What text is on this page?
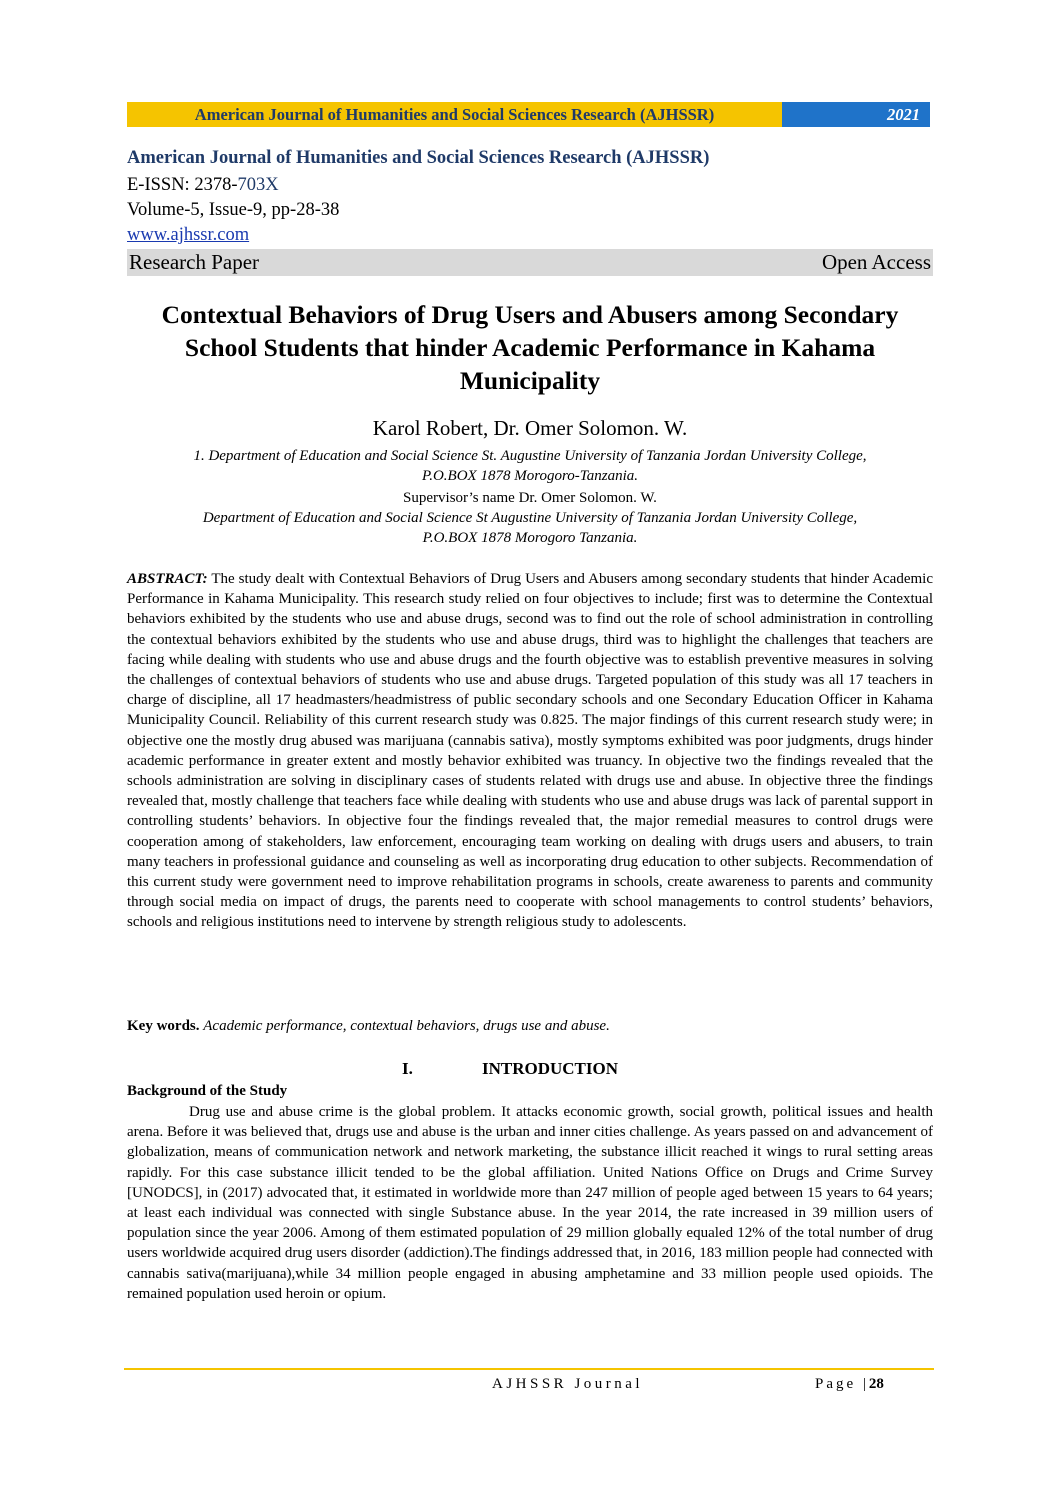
American Journal of Humanities and Social Sciences Research (AJHSSR)	2021
American Journal of Humanities and Social Sciences Research (AJHSSR)
E-ISSN: 2378-703X
Volume-5, Issue-9, pp-28-38
www.ajhssr.com
Research Paper	Open Access
Contextual Behaviors of Drug Users and Abusers among Secondary School Students that hinder Academic Performance in Kahama Municipality
Karol Robert, Dr. Omer Solomon. W.
1. Department of Education and Social Science St. Augustine University of Tanzania Jordan University College,
P.O.BOX 1878 Morogoro-Tanzania.
Supervisor’s name Dr. Omer Solomon. W.
Department of Education and Social Science St Augustine University of Tanzania Jordan University College,
P.O.BOX 1878 Morogoro Tanzania.
ABSTRACT: The study dealt with Contextual Behaviors of Drug Users and Abusers among secondary students that hinder Academic Performance in Kahama Municipality. This research study relied on four objectives to include; first was to determine the Contextual behaviors exhibited by the students who use and abuse drugs, second was to find out the role of school administration in controlling the contextual behaviors exhibited by the students who use and abuse drugs, third was to highlight the challenges that teachers are facing while dealing with students who use and abuse drugs and the fourth objective was to establish preventive measures in solving the challenges of contextual behaviors of students who use and abuse drugs. Targeted population of this study was all 17 teachers in charge of discipline, all 17 headmasters/headmistress of public secondary schools and one Secondary Education Officer in Kahama Municipality Council. Reliability of this current research study was 0.825. The major findings of this current research study were; in objective one the mostly drug abused was marijuana (cannabis sativa), mostly symptoms exhibited was poor judgments, drugs hinder academic performance in greater extent and mostly behavior exhibited was truancy. In objective two the findings revealed that the schools administration are solving in disciplinary cases of students related with drugs use and abuse. In objective three the findings revealed that, mostly challenge that teachers face while dealing with students who use and abuse drugs was lack of parental support in controlling students’ behaviors. In objective four the findings revealed that, the major remedial measures to control drugs were cooperation among of stakeholders, law enforcement, encouraging team working on dealing with drugs users and abusers, to train many teachers in professional guidance and counseling as well as incorporating drug education to other subjects. Recommendation of this current study were government need to improve rehabilitation programs in schools, create awareness to parents and community through social media on impact of drugs, the parents need to cooperate with school managements to control students’ behaviors, schools and religious institutions need to intervene by strength religious study to adolescents.
Key words. Academic performance, contextual behaviors, drugs use and abuse.
I.	INTRODUCTION
Background of the Study
Drug use and abuse crime is the global problem. It attacks economic growth, social growth, political issues and health arena. Before it was believed that, drugs use and abuse is the urban and inner cities challenge. As years passed on and advancement of globalization, means of communication network and network marketing, the substance illicit reached it wings to rural setting areas rapidly. For this case substance illicit tended to be the global affiliation. United Nations Office on Drugs and Crime Survey [UNODCS], in (2017) advocated that, it estimated in worldwide more than 247 million of people aged between 15 years to 64 years; at least each individual was connected with single Substance abuse. In the year 2014, the rate increased in 39 million users of population since the year 2006. Among of them estimated population of 29 million globally equaled 12% of the total number of drug users worldwide acquired drug users disorder (addiction).The findings addressed that, in 2016, 183 million people had connected with cannabis sativa(marijuana),while 34 million people engaged in abusing amphetamine and 33 million people used opioids. The remained population used heroin or opium.
AJHSSR Journal	Page |28
